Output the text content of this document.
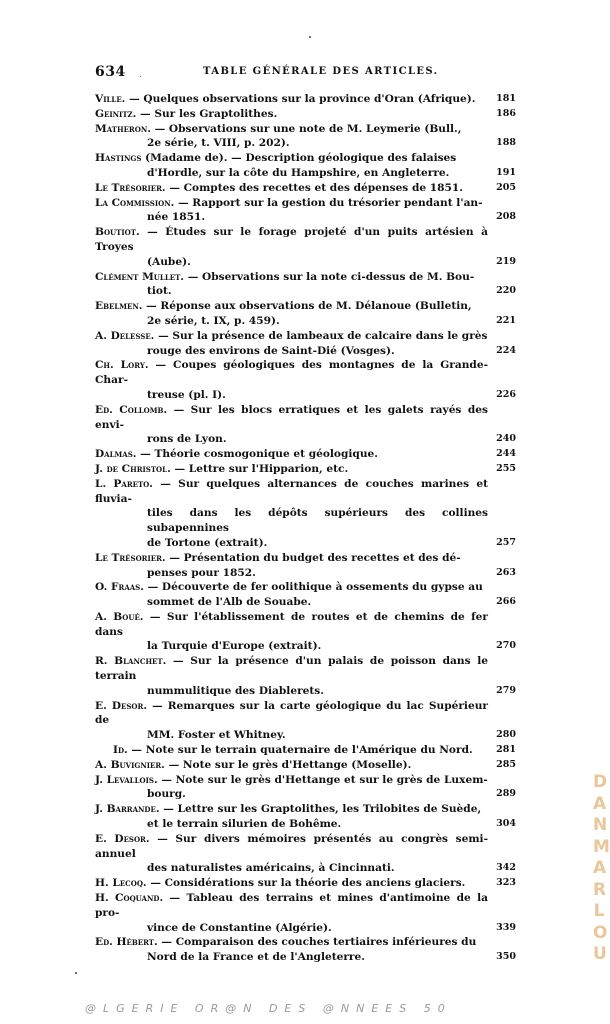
634	TABLE GÉNÉRALE DES ARTICLES.
Ville. — Quelques observations sur la province d'Oran (Afrique).	181
Geinitz. — Sur les Graptolithes.	186
Matheron. — Observations sur une note de M. Leymerie (Bull.,
2e série, t. VIII, p. 202).	188
Hastings (Madame de). — Description géologique des falaises
d'Hordle, sur la côte du Hampshire, en Angleterre.	191
Le Trésorier. — Comptes des recettes et des dépenses de 1851.	205
La Commission. — Rapport sur la gestion du trésorier pendant l'an-
née 1851.	208
Boutiot. — Études sur le forage projeté d'un puits artésien à Troyes
(Aube).	219
Clément Mullet. — Observations sur la note ci-dessus de M. Bou-
tiot.	220
Ebelmen. — Réponse aux observations de M. Délanoue (Bulletin,
2e série, t. IX, p. 459).	221
A. Delesse. — Sur la présence de lambeaux de calcaire dans le grès
rouge des environs de Saint-Dié (Vosges).	224
Ch. Lory. — Coupes géologiques des montagnes de la Grande-Char-
treuse (pl. I).	226
Ed. Collomb. — Sur les blocs erratiques et les galets rayés des envi-
rons de Lyon.	240
Dalmas. — Théorie cosmogonique et géologique.	244
J. de Christol. — Lettre sur l'Hipparion, etc.	255
L. Pareto. — Sur quelques alternances de couches marines et fluvia-
tiles dans les dépôts supérieurs des collines subapennines
de Tortone (extrait).	257
Le Trésorier. — Présentation du budget des recettes et des dé-
penses pour 1852.	263
O. Fraas. — Découverte de fer oolithique à ossements du gypse au
sommet de l'Alb de Souabe.	266
A. Boué. — Sur l'établissement de routes et de chemins de fer dans
la Turquie d'Europe (extrait).	270
R. Blanchet. — Sur la présence d'un palais de poisson dans le terrain
nummulitique des Diablerets.	279
E. Desor. — Remarques sur la carte géologique du lac Supérieur de
MM. Foster et Whitney.	280
Id. — Note sur le terrain quaternaire de l'Amérique du Nord.	281
A. Buvignier. — Note sur le grès d'Hettange (Moselle).	285
J. Levallois. — Note sur le grès d'Hettange et sur le grès de Luxem-
bourg.	289
J. Barrande. — Lettre sur les Graptolithes, les Trilobites de Suède,
et le terrain silurien de Bohême.	304
E. Desor. — Sur divers mémoires présentés au congrès semi-annuel
des naturalistes américains, à Cincinnati.	342
H. Lecoq. — Considérations sur la théorie des anciens glaciers.	323
H. Coquand. — Tableau des terrains et mines d'antimoine de la pro-
vince de Constantine (Algérie).	339
Ed. Hébert. — Comparaison des couches tertiaires inférieures du
Nord de la France et de l'Angleterre.	350
DANMARLOU
@LGERIE OR@N DES @NNEES 50
